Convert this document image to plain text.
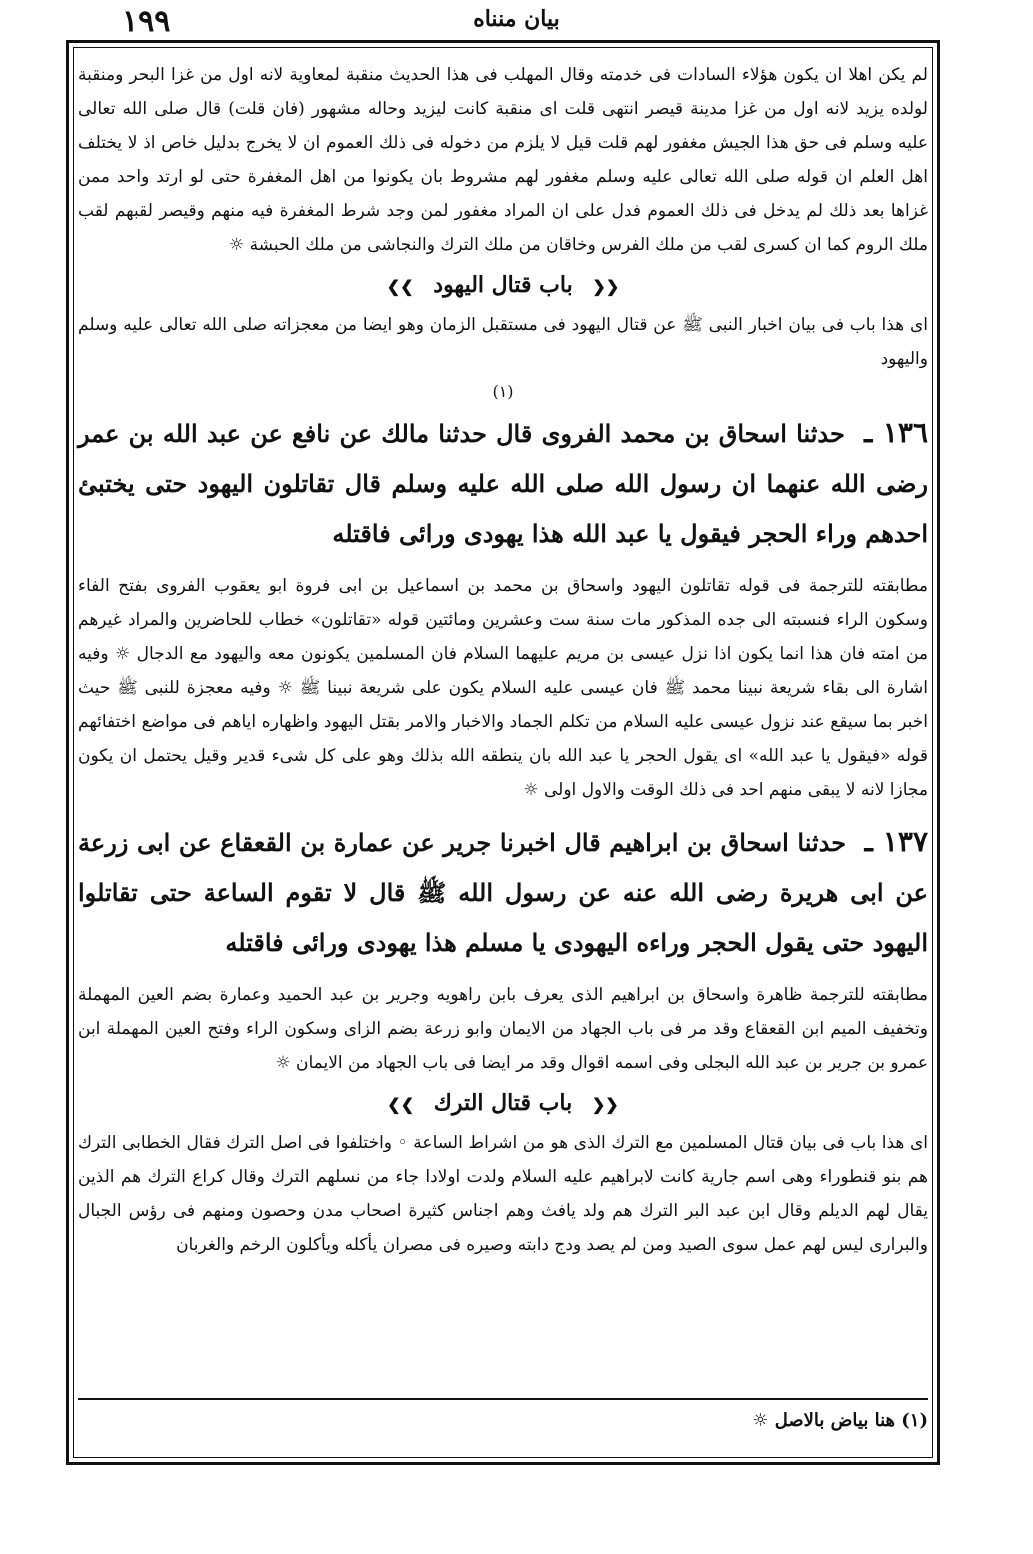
١٩٩	بيان منناه

لم يكن اهلا ان يكون هؤلاء السادات فى خدمته وقال المهلب فى هذا الحديث منقبة لمعاوية لانه اول من غزا البحر ومنقبة لولده يزيد لانه اول من غزا مدينة قيصر انتهى قلت اى منقبة كانت ليزيد وحاله مشهور (فان قلت) قال صلى الله تعالى عليه وسلم فى حق هذا الجيش مغفور لهم قلت قيل لا يلزم من دخوله فى ذلك العموم ان لا يخرج بدليل خاص اذ لا يختلف اهل العلم ان قوله صلى الله تعالى عليه وسلم مغفور لهم مشروط بان يكونوا من اهل المغفرة حتى لو ارتد واحد ممن غزاها بعد ذلك لم يدخل فى ذلك العموم فدل على ان المراد مغفور لمن وجد شرط المغفرة فيه منهم وقيصر لقبهم لقب ملك الروم كما ان كسرى لقب من ملك الفرس وخاقان من ملك الترك والنجاشى من ملك الحبشة ☼

❮❮ باب قتال اليهود ❯❯

اى هذا باب فى بيان اخبار النبى ﷺ عن قتال اليهود فى مستقبل الزمان وهو ايضا من معجزاته صلى الله تعالى عليه وسلم واليهود

(١)

١٣٦ ـ حدثنا اسحاق بن محمد الفروى قال حدثنا مالك عن نافع عن عبد الله بن عمر رضى الله عنهما ان رسول الله صلى الله عليه وسلم قال تقاتلون اليهود حتى يختبئ احدهم وراء الحجر فيقول يا عبد الله هذا يهودى ورائى فاقتله

مطابقته للترجمة فى قوله تقاتلون اليهود واسحاق بن محمد بن اسماعيل بن ابى فروة ابو يعقوب الفروى بفتح الفاء وسكون الراء فنسبته الى جده المذكور مات سنة ست وعشرين ومائتين قوله «تقاتلون» خطاب للحاضرين والمراد غيرهم من امته فان هذا انما يكون اذا نزل عيسى بن مريم عليهما السلام فان المسلمين يكونون معه واليهود مع الدجال ☼ وفيه اشارة الى بقاء شريعة نبينا محمد ﷺ فان عيسى عليه السلام يكون على شريعة نبينا ﷺ ☼ وفيه معجزة للنبى ﷺ حيث اخبر بما سيقع عند نزول عيسى عليه السلام من تكلم الجماد والاخبار والامر بقتل اليهود واظهاره اياهم فى مواضع اختفائهم قوله «فيقول يا عبد الله» اى يقول الحجر يا عبد الله بان ينطقه الله بذلك وهو على كل شىء قدير وقيل يحتمل ان يكون مجازا لانه لا يبقى منهم احد فى ذلك الوقت والاول اولى ☼

١٣٧ ـ حدثنا اسحاق بن ابراهيم قال اخبرنا جرير عن عمارة بن القعقاع عن ابى زرعة عن ابى هريرة رضى الله عنه عن رسول الله ﷺ قال لا تقوم الساعة حتى تقاتلوا اليهود حتى يقول الحجر وراءه اليهودى يا مسلم هذا يهودى ورائى فاقتله

مطابقته للترجمة ظاهرة واسحاق بن ابراهيم الذى يعرف بابن راهويه وجرير بن عبد الحميد وعمارة بضم العين المهملة وتخفيف الميم ابن القعقاع وقد مر فى باب الجهاد من الايمان وابو زرعة بضم الزاى وسكون الراء وفتح العين المهملة ابن عمرو بن جرير بن عبد الله البجلى وفى اسمه اقوال وقد مر ايضا فى باب الجهاد من الايمان ☼

❮❮ باب قتال الترك ❯❯

اى هذا باب فى بيان قتال المسلمين مع الترك الذى هو من اشراط الساعة ◦ واختلفوا فى اصل الترك فقال الخطابى الترك هم بنو قنطوراء وهى اسم جارية كانت لابراهيم عليه السلام ولدت اولادا جاء من نسلهم الترك وقال كراع الترك هم الذين يقال لهم الديلم وقال ابن عبد البر الترك هم ولد يافث وهم اجناس كثيرة اصحاب مدن وحصون ومنهم فى رؤس الجبال والبرارى ليس لهم عمل سوى الصيد ومن لم يصد ودج دابته وصيره فى مصران يأكله ويأكلون الرخم والغربان

(١) هنا بياض بالاصل ☼
